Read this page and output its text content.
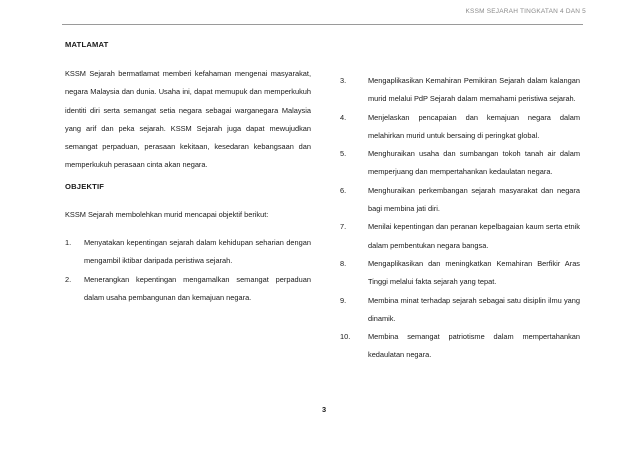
KSSM SEJARAH TINGKATAN 4 DAN 5
MATLAMAT

KSSM Sejarah bermatlamat memberi kefahaman mengenai masyarakat, negara Malaysia dan dunia. Usaha ini, dapat memupuk dan memperkukuh identiti diri serta semangat setia negara sebagai warganegara Malaysia yang arif dan peka sejarah. KSSM Sejarah juga dapat mewujudkan semangat perpaduan, perasaan kekitaan, kesedaran kebangsaan dan memperkukuh perasaan cinta akan negara.

OBJEKTIF

KSSM Sejarah membolehkan murid mencapai objektif berikut:

1. Menyatakan kepentingan sejarah dalam kehidupan seharian dengan mengambil iktibar daripada peristiwa sejarah.
2. Menerangkan kepentingan mengamalkan semangat perpaduan dalam usaha pembangunan dan kemajuan negara.
3.	Mengaplikasikan Kemahiran Pemikiran Sejarah dalam kalangan murid melalui PdP Sejarah dalam memahami peristiwa sejarah.
4.	Menjelaskan pencapaian dan kemajuan negara dalam melahirkan murid untuk bersaing di peringkat global.
5.	Menghuraikan usaha dan sumbangan tokoh tanah air dalam memperjuang dan mempertahankan kedaulatan negara.
6.	Menghuraikan perkembangan sejarah masyarakat dan negara bagi membina jati diri.
7.	Menilai kepentingan dan peranan kepelbagaian kaum serta etnik dalam pembentukan negara bangsa.
8.	Mengaplikasikan dan meningkatkan Kemahiran Berfikir Aras Tinggi melalui fakta sejarah yang tepat.
9.	Membina minat terhadap sejarah sebagai satu disiplin ilmu yang dinamik.
10. Membina semangat patriotisme dalam mempertahankan kedaulatan negara.
3
